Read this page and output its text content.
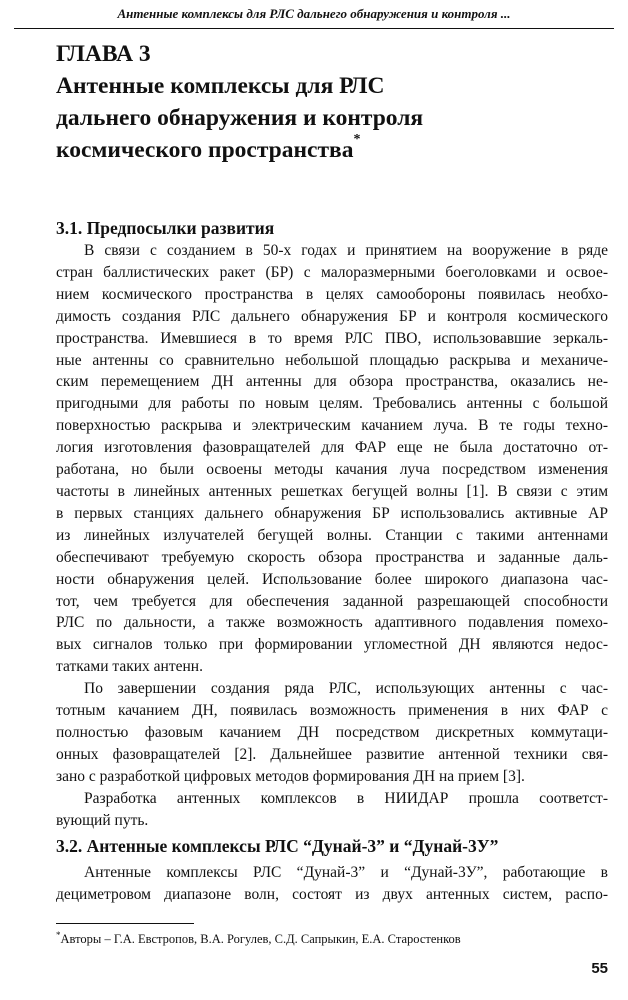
Антенные комплексы для РЛС дальнего обнаружения и контроля ...
ГЛАВА 3
Антенные комплексы для РЛС
дальнего обнаружения и контроля
космического пространства*
3.1. Предпосылки развития
В связи с созданием в 50-х годах и принятием на вооружение в ряде
стран баллистических ракет (БР) с малоразмерными боеголовками и освое-
нием космического пространства в целях самообороны появилась необхо-
димость создания РЛС дальнего обнаружения БР и контроля космического
пространства. Имевшиеся в то время РЛС ПВО, использовавшие зеркаль-
ные антенны со сравнительно небольшой площадью раскрыва и механиче-
ским перемещением ДН антенны для обзора пространства, оказались не-
пригодными для работы по новым целям. Требовались антенны с большой
поверхностью раскрыва и электрическим качанием луча. В те годы техно-
логия изготовления фазовращателей для ФАР еще не была достаточно от-
работана, но были освоены методы качания луча посредством изменения
частоты в линейных антенных решетках бегущей волны [1]. В связи с этим
в первых станциях дальнего обнаружения БР использовались активные АР
из линейных излучателей бегущей волны. Станции с такими антеннами
обеспечивают требуемую скорость обзора пространства и заданные даль-
ности обнаружения целей. Использование более широкого диапазона час-
тот, чем требуется для обеспечения заданной разрешающей способности
РЛС по дальности, а также возможность адаптивного подавления помехо-
вых сигналов только при формировании угломестной ДН являются недос-
татками таких антенн.
По завершении создания ряда РЛС, использующих антенны с час-
тотным качанием ДН, появилась возможность применения в них ФАР с
полностью фазовым качанием ДН посредством дискретных коммутаци-
онных фазовращателей [2]. Дальнейшее развитие антенной техники свя-
зано с разработкой цифровых методов формирования ДН на прием [3].
Разработка антенных комплексов в НИИДАР прошла соответст-
вующий путь.
3.2. Антенные комплексы РЛС “Дунай-3” и “Дунай-3У”
Антенные комплексы РЛС “Дунай-3” и “Дунай-3У”, работающие в
дециметровом диапазоне волн, состоят из двух антенных систем, распо-
*Авторы – Г.А. Евстропов, В.А. Рогулев, С.Д. Сапрыкин, Е.А. Старостенков
55
